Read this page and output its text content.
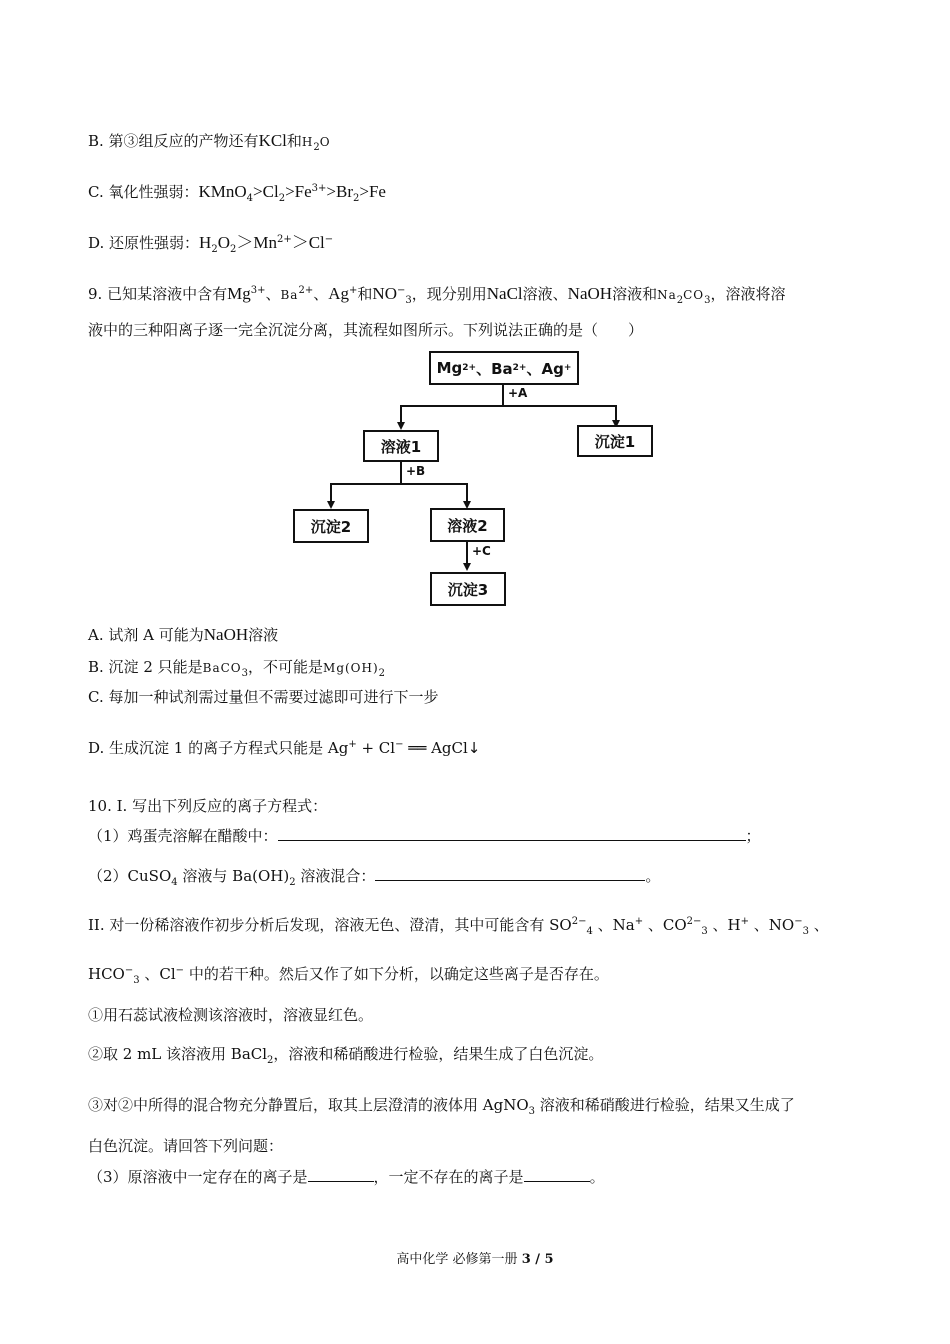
B. 第③组反应的产物还有KCl和$H_2O$
C. 氧化性强弱：$KMnO_4>Cl_2>Fe^{3+}>Br_2>Fe$
D. 还原性强弱：$H_2O_2>Mn^{2+}>Cl^-$
9. 已知某溶液中含有$Mg^{3+}$、$Ba^{2+}$、Ag+和$NO^-_3$，现分别用NaCl溶液、NaOH溶液和$Na_2CO_3$，溶液将溶
液中的三种阳离子逐一完全沉淀分离，其流程如图所示。下列说法正确的是（　　）
Mg 2+ 、Ba 2+ 、Ag +
+A
溶液1	沉淀1
+B
沉淀2	溶液2
+C
沉淀3
A. 试剂 A 可能为NaOH溶液
B. 沉淀 2 只能是BaCO$_3$，不可能是$Mg(OH)_2$
C. 每加一种试剂需过量但不需要过滤即可进行下一步
D. 生成沉淀 1 的离子方程式只能是 Ag+ + Cl− ══ AgCl↓
10. I. 写出下列反应的离子方程式：
（1）鸡蛋壳溶解在醋酸中：	；
（2）CuSO$_4$ 溶液与 $Ba(OH)_2$ 溶液混合：	。
II. 对一份稀溶液作初步分析后发现，溶液无色、澄清，其中可能含有 $SO^{2-}_4$ 、Na+ 、$CO^{2-}_3$ 、H+ 、$NO^-_3$ 、
$HCO^-_3$ 、Cl− 中的若干种。然后又作了如下分析，以确定这些离子是否存在。
①用石蕊试液检测该溶液时，溶液显红色。
②取 2 mL 该溶液用 BaCl$_2$，溶液和稀硝酸进行检验，结果生成了白色沉淀。
③对②中所得的混合物充分静置后，取其上层澄清的液体用 AgNO$_3$ 溶液和稀硝酸进行检验，结果又生成了
白色沉淀。请回答下列问题：
（3）原溶液中一定存在的离子是	，一定不存在的离子是	。
高中化学 必修第一册 3 / 5
